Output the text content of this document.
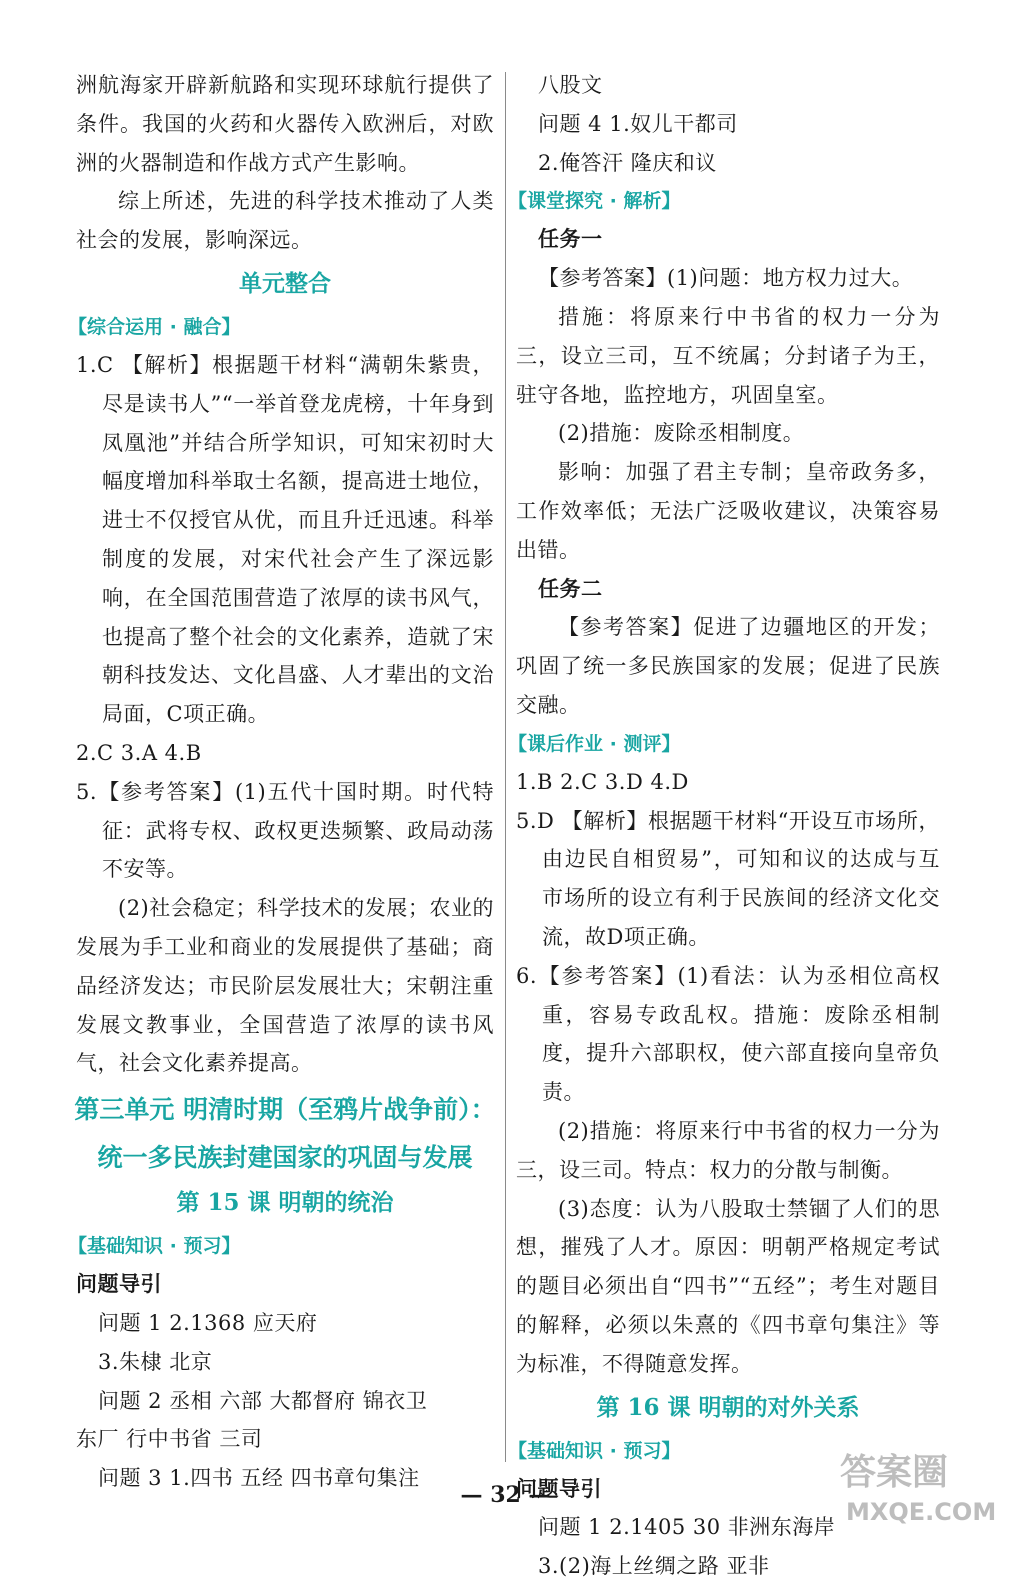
洲航海家开辟新航路和实现环球航行提供了条件。我国的火药和火器传入欧洲后，对欧洲的火器制造和作战方式产生影响。

综上所述，先进的科学技术推动了人类社会的发展，影响深远。

单元整合
【综合运用 · 融合】

1.C 【解析】根据题干材料“满朝朱紫贵，尽是读书人”“一举首登龙虎榜，十年身到凤凰池”并结合所学知识，可知宋初时大幅度增加科举取士名额，提高进士地位，进士不仅授官从优，而且升迁迅速。科举制度的发展，对宋代社会产生了深远影响，在全国范围营造了浓厚的读书风气，也提高了整个社会的文化素养，造就了宋朝科技发达、文化昌盛、人才辈出的文治局面，C项正确。

2.C 3.A 4.B

5.【参考答案】(1)五代十国时期。时代特征：武将专权、政权更迭频繁、政局动荡不安等。

(2)社会稳定；科学技术的发展；农业的发展为手工业和商业的发展提供了基础；商品经济发达；市民阶层发展壮大；宋朝注重发展文教事业，全国营造了浓厚的读书风气，社会文化素养提高。

第三单元 明清时期（至鸦片战争前）：
统一多民族封建国家的巩固与发展
第 15 课 明朝的统治
【基础知识 · 预习】

问题导引

问题 1 2.1368 应天府

3.朱棣 北京

问题 2 丞相 六部 大都督府 锦衣卫

东厂 行中书省 三司

问题 3 1.四书 五经 四书章句集注

八股文

问题 4 1.奴儿干都司

2.俺答汗 隆庆和议

【课堂探究 · 解析】

任务一

【参考答案】(1)问题：地方权力过大。

措施：将原来行中书省的权力一分为三，设立三司，互不统属；分封诸子为王，驻守各地，监控地方，巩固皇室。

(2)措施：废除丞相制度。

影响：加强了君主专制；皇帝政务多，工作效率低；无法广泛吸收建议，决策容易出错。

任务二

【参考答案】促进了边疆地区的开发；巩固了统一多民族国家的发展；促进了民族交融。

【课后作业 · 测评】

1.B 2.C 3.D 4.D

5.D 【解析】根据题干材料“开设互市场所，由边民自相贸易”，可知和议的达成与互市场所的设立有利于民族间的经济文化交流，故D项正确。

6.【参考答案】(1)看法：认为丞相位高权重，容易专政乱权。措施：废除丞相制度，提升六部职权，使六部直接向皇帝负责。

(2)措施：将原来行中书省的权力一分为三，设三司。特点：权力的分散与制衡。

(3)态度：认为八股取士禁锢了人们的思想，摧残了人才。原因：明朝严格规定考试的题目必须出自“四书”“五经”；考生对题目的解释，必须以朱熹的《四书章句集注》等为标准，不得随意发挥。

第 16 课 明朝的对外关系
【基础知识 · 预习】

问题导引

问题 1 2.1405 30 非洲东海岸

3.(2)海上丝绸之路 亚非

— 32 —
答案圈
MXQE.COM
